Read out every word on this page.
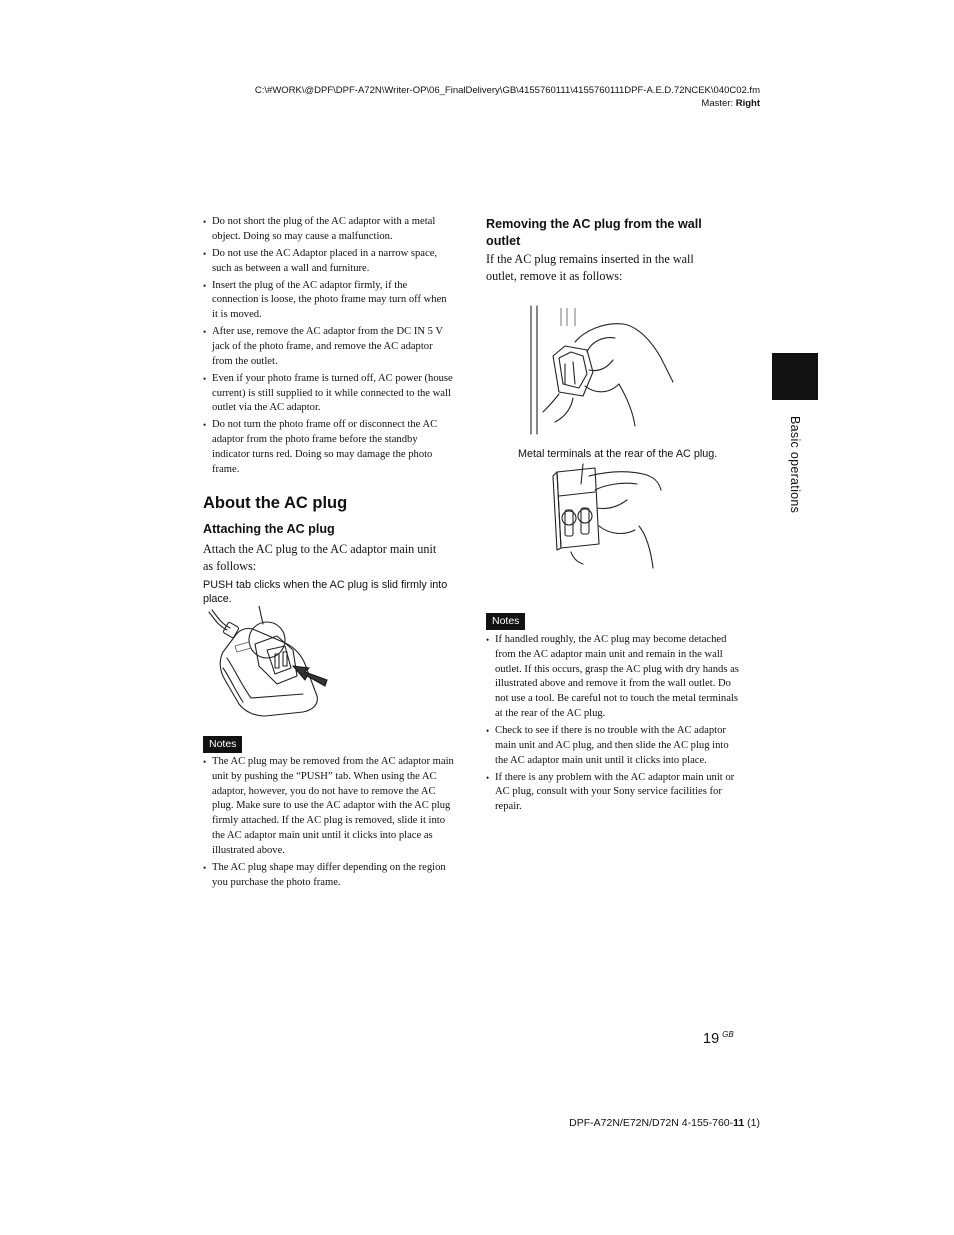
C:\#WORK\@DPF\DPF-A72N\Writer-OP\06_FinalDelivery\GB\4155760111\4155760111DPF-A.E.D.72NCEK\040C02.fm
Master: Right
• Do not short the plug of the AC adaptor with a metal object. Doing so may cause a malfunction.
• Do not use the AC Adaptor placed in a narrow space, such as between a wall and furniture.
• Insert the plug of the AC adaptor firmly, if the connection is loose, the photo frame may turn off when it is moved.
• After use, remove the AC adaptor from the DC IN 5 V jack of the photo frame, and remove the AC adaptor from the outlet.
• Even if your photo frame is turned off, AC power (house current) is still supplied to it while connected to the wall outlet via the AC adaptor.
• Do not turn the photo frame off or disconnect the AC adaptor from the photo frame before the standby indicator turns red. Doing so may damage the photo frame.
About the AC plug
Attaching the AC plug
Attach the AC plug to the AC adaptor main unit as follows:
PUSH tab clicks when the AC plug is slid firmly into place.
Notes
• The AC plug may be removed from the AC adaptor main unit by pushing the “PUSH” tab. When using the AC adaptor, however, you do not have to remove the AC plug. Make sure to use the AC adaptor with the AC plug firmly attached. If the AC plug is removed, slide it into the AC adaptor main unit until it clicks into place as illustrated above.
• The AC plug shape may differ depending on the region you purchase the photo frame.
Removing the AC plug from the wall outlet
If the AC plug remains inserted in the wall outlet, remove it as follows:
Metal terminals at the rear of the AC plug.
Notes
• If handled roughly, the AC plug may become detached from the AC adaptor main unit and remain in the wall outlet. If this occurs, grasp the AC plug with dry hands as illustrated above and remove it from the wall outlet. Do not use a tool. Be careful not to touch the metal terminals at the rear of the AC plug.
• Check to see if there is no trouble with the AC adaptor main unit and AC plug, and then slide the AC plug into the AC adaptor main unit until it clicks into place.
• If there is any problem with the AC adaptor main unit or AC plug, consult with your Sony service facilities for repair.
Basic operations
19 $^{GB}$
DPF-A72N/E72N/D72N 4-155-760-11 (1)
